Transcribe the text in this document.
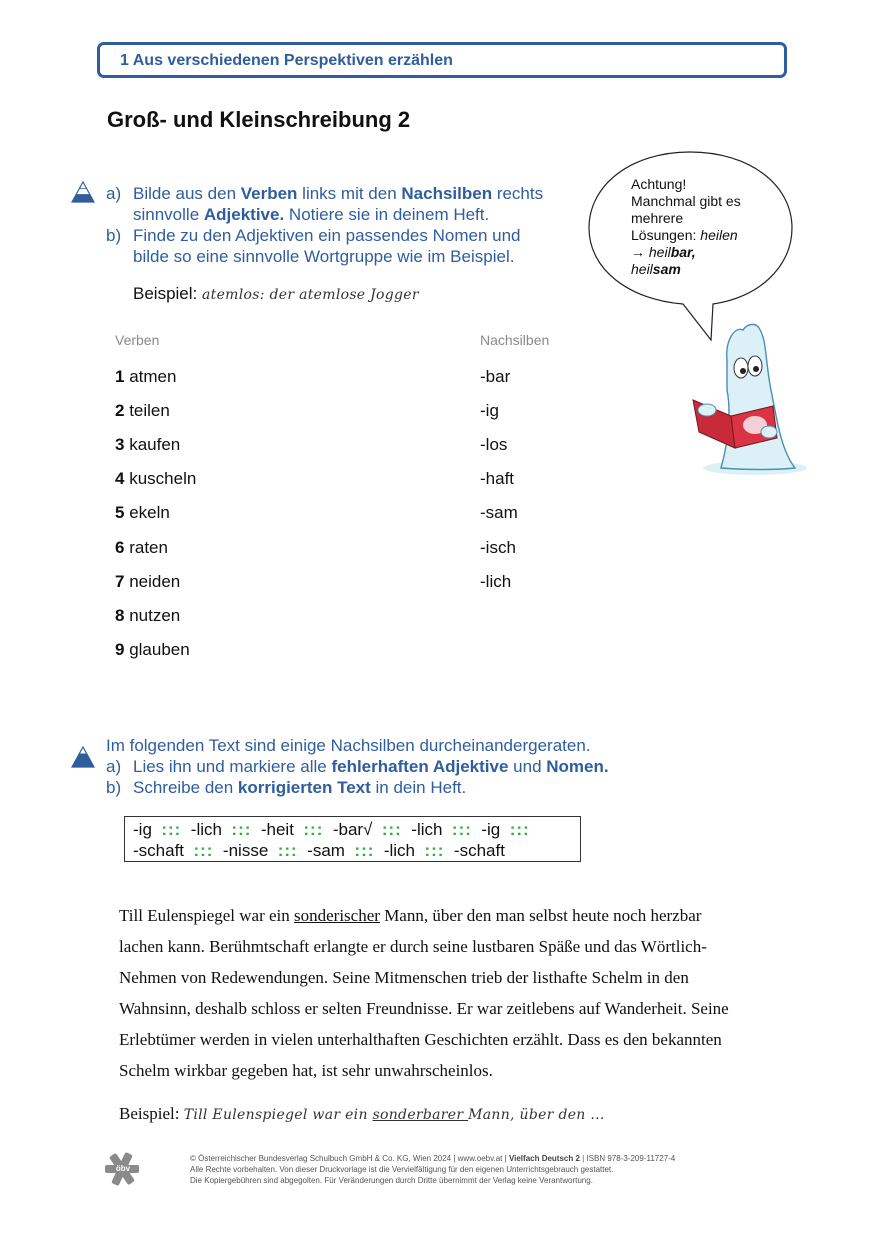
1 Aus verschiedenen Perspektiven erzählen
Groß- und Kleinschreibung 2
a) Bilde aus den Verben links mit den Nachsilben rechts
sinnvolle Adjektive. Notiere sie in deinem Heft.
b) Finde zu den Adjektiven ein passendes Nomen und
bilde so eine sinnvolle Wortgruppe wie im Beispiel.
Beispiel: atemlos: der atemlose Jogger
Verben	Nachsilben
1 atmen
2 teilen
3 kaufen
4 kuscheln
5 ekeln
6 raten
7 neiden
8 nutzen
9 glauben
-bar
-ig
-los
-haft
-sam
-isch
-lich
Achtung!
Manchmal gibt es
mehrere
Lösungen: heilen
→ heilbar,
heilsam
Im folgenden Text sind einige Nachsilben durcheinandergeraten.
a) Lies ihn und markiere alle fehlerhaften Adjektive und Nomen.
b) Schreibe den korrigierten Text in dein Heft.
-ig ::: -lich ::: -heit ::: -bar√ ::: -lich ::: -ig :::
-schaft ::: -nisse ::: -sam ::: -lich ::: -schaft
Till Eulenspiegel war ein sonderischer Mann, über den man selbst heute noch herzbar
lachen kann. Berühmtschaft erlangte er durch seine lustbaren Späße und das Wörtlich-
Nehmen von Redewendungen. Seine Mitmenschen trieb der listhafte Schelm in den
Wahnsinn, deshalb schloss er selten Freundnisse. Er war zeitlebens auf Wanderheit. Seine
Erlebtümer werden in vielen unterhalthaften Geschichten erzählt. Dass es den bekannten
Schelm wirkbar gegeben hat, ist sehr unwahrscheinlos.
Beispiel: Till Eulenspiegel war ein sonderbarer Mann, über den ...
öbv
© Österreichischer Bundesverlag Schulbuch GmbH & Co. KG, Wien 2024 | www.oebv.at | Vielfach Deutsch 2 | ISBN 978-3-209-11727-4
Alle Rechte vorbehalten. Von dieser Druckvorlage ist die Vervielfältigung für den eigenen Unterrichtsgebrauch gestattet.
Die Kopiergebühren sind abgegolten. Für Veränderungen durch Dritte übernimmt der Verlag keine Verantwortung.
